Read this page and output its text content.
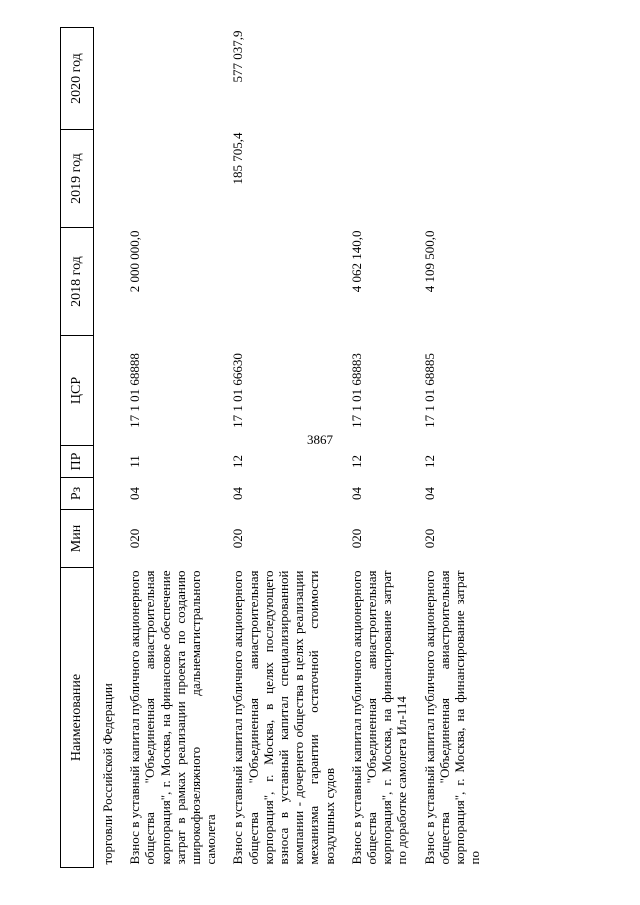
3867
Наименование	Мин	Рз	ПР	ЦСР	2018 год	2019 год	2020 год
торговли Российской Федерации							

Взнос в уставный капитал публичного акционерного общества "Объединенная авиастроительная корпорация", г. Москва, на финансовое обеспечение затрат в рамках реализации проекта по созданию широкофюзеляжного дальнемагистрального самолета	020	04	11	17 1 01 68888	2 000 000,0		

Взнос в уставный капитал публичного акционерного общества "Объединенная авиастроительная корпорация", г. Москва, в целях последующего взноса в уставный капитал специализированной компании - дочернего общества в целях реализации механизма гарантии остаточной стоимости воздушных судов	020	04	12	17 1 01 66630		185 705,4	577 037,9

Взнос в уставный капитал публичного акционерного общества "Объединенная авиастроительная корпорация", г. Москва, на финансирование затрат по доработке самолета Ил-114	020	04	12	17 1 01 68883	4 062 140,0		

Взнос в уставный капитал публичного акционерного общества "Объединенная авиастроительная корпорация", г. Москва, на финансирование затрат по	020	04	12	17 1 01 68885	4 109 500,0		
